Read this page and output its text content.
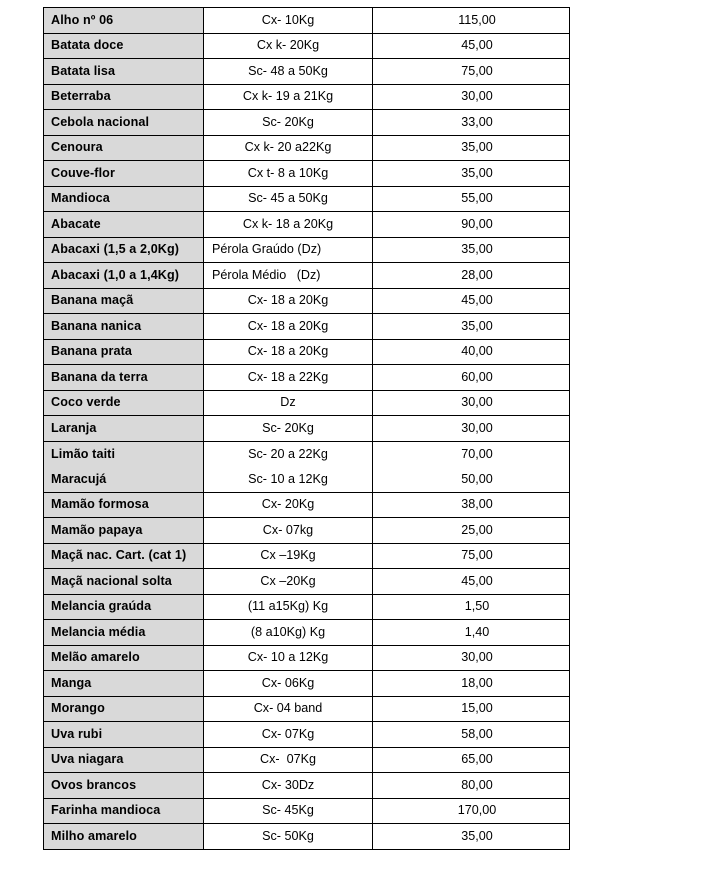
Alho nº 06	Cx- 10Kg	115,00
Batata doce	Cx k- 20Kg	45,00
Batata lisa	Sc- 48 a 50Kg	75,00
Beterraba	Cx k- 19 a 21Kg	30,00
Cebola nacional	Sc- 20Kg	33,00
Cenoura	Cx k- 20 a22Kg	35,00
Couve-flor	Cx t- 8 a 10Kg	35,00
Mandioca	Sc- 45 a 50Kg	55,00
Abacate	Cx k- 18 a 20Kg	90,00
Abacaxi (1,5 a 2,0Kg)	Pérola Graúdo (Dz)	35,00
Abacaxi (1,0 a 1,4Kg)	Pérola Médio   (Dz)	28,00
Banana maçã	Cx- 18 a 20Kg	45,00
Banana nanica	Cx- 18 a 20Kg	35,00
Banana prata	Cx- 18 a 20Kg	40,00
Banana da terra	Cx- 18 a 22Kg	60,00
Coco verde	Dz	30,00
Laranja	Sc- 20Kg	30,00
Limão taiti	Sc- 20 a 22Kg	70,00
Maracujá	Sc- 10 a 12Kg	50,00
Mamão formosa	Cx- 20Kg	38,00
Mamão papaya	Cx- 07kg	25,00
Maçã nac. Cart. (cat 1)	Cx –19Kg	75,00
Maçã nacional solta	Cx –20Kg	45,00
Melancia graúda	(11 a15Kg) Kg	1,50
Melancia média	(8 a10Kg) Kg	1,40
Melão amarelo	Cx- 10 a 12Kg	30,00
Manga	Cx- 06Kg	18,00
Morango	Cx- 04 band	15,00
Uva rubi	Cx- 07Kg	58,00
Uva niagara	Cx-  07Kg	65,00
Ovos brancos	Cx- 30Dz	80,00
Farinha mandioca	Sc- 45Kg	170,00
Milho amarelo	Sc- 50Kg	35,00
